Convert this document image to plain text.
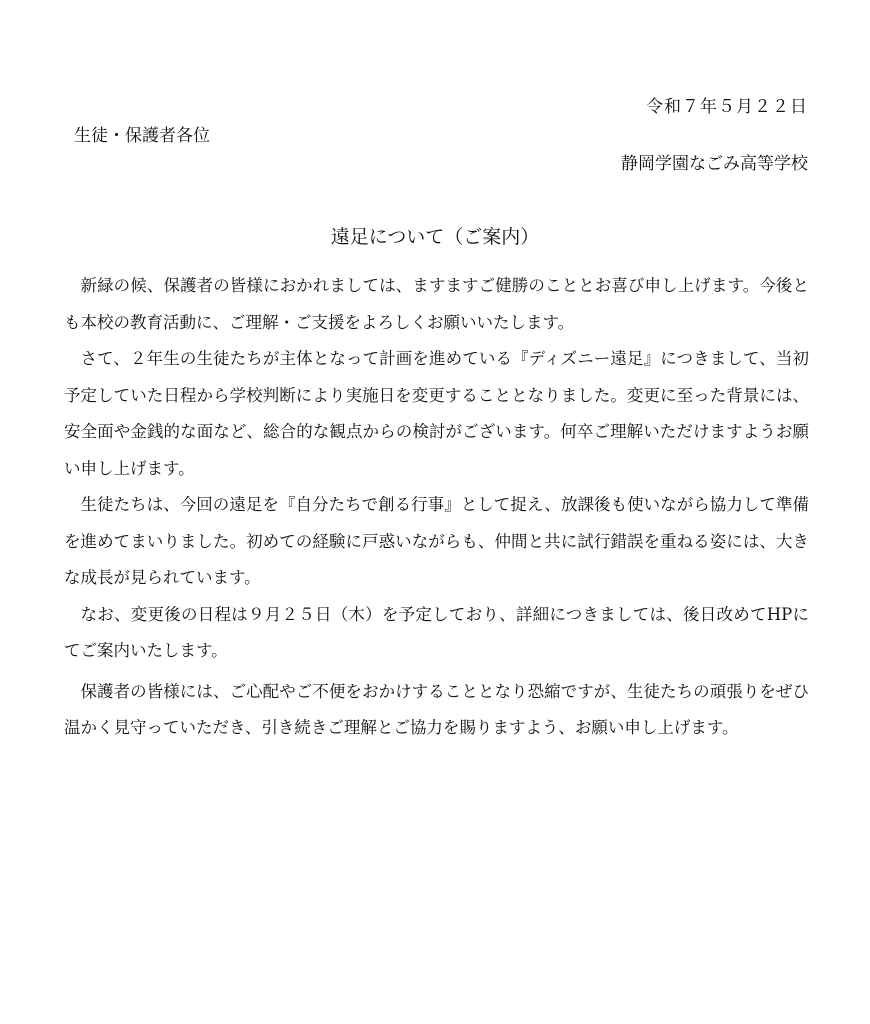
令和７年５月２２日
生徒・保護者各位
静岡学園なごみ高等学校
遠足について（ご案内）

新緑の候、保護者の皆様におかれましては、ますますご健勝のこととお喜び申し上げます。今後とも本校の教育活動に、ご理解・ご支援をよろしくお願いいたします。

さて、２年生の生徒たちが主体となって計画を進めている『ディズニー遠足』につきまして、当初予定していた日程から学校判断により実施日を変更することとなりました。変更に至った背景には、安全面や金銭的な面など、総合的な観点からの検討がございます。何卒ご理解いただけますようお願い申し上げます。

生徒たちは、今回の遠足を『自分たちで創る行事』として捉え、放課後も使いながら協力して準備を進めてまいりました。初めての経験に戸惑いながらも、仲間と共に試行錯誤を重ねる姿には、大きな成長が見られています。

なお、変更後の日程は９月２５日（木）を予定しており、詳細につきましては、後日改めてHPにてご案内いたします。

保護者の皆様には、ご心配やご不便をおかけすることとなり恐縮ですが、生徒たちの頑張りをぜひ温かく見守っていただき、引き続きご理解とご協力を賜りますよう、お願い申し上げます。
